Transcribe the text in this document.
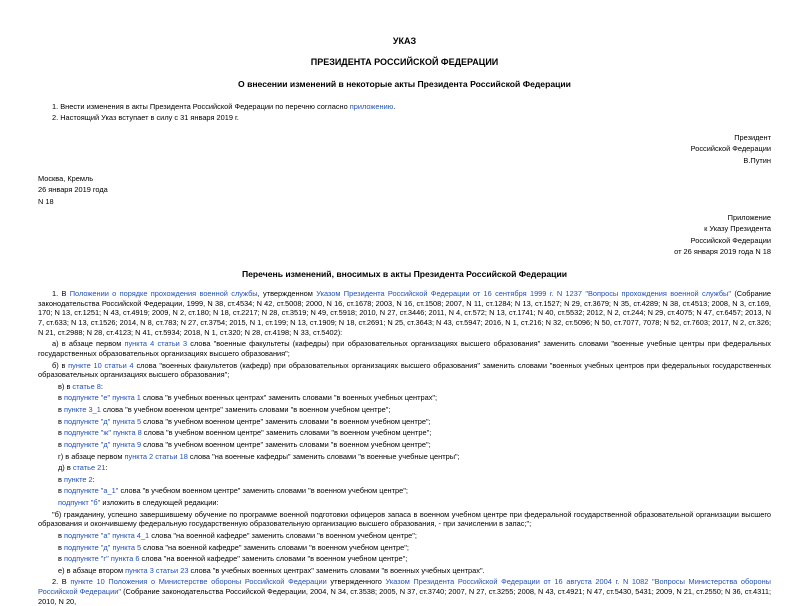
УКАЗ
ПРЕЗИДЕНТА РОССИЙСКОЙ ФЕДЕРАЦИИ
О внесении изменений в некоторые акты Президента Российской Федерации
1. Внести изменения в акты Президента Российской Федерации по перечню согласно приложению.
2. Настоящий Указ вступает в силу с 31 января 2019 г.
Президент
Российской Федерации
В.Путин
Москва, Кремль
26 января 2019 года
N 18
Приложение
к Указу Президента
Российской Федерации
от 26 января 2019 года N 18
Перечень изменений, вносимых в акты Президента Российской Федерации

1. В Положении о порядке прохождения военной службы, утвержденном Указом Президента Российской Федерации от 16 сентября 1999 г. N 1237 "Вопросы прохождения военной службы" (Собрание законодательства Российской Федерации, 1999, N 38, ст.4534; N 42, ст.5008; 2000, N 16, ст.1678; 2003, N 16, ст.1508; 2007, N 11, ст.1284; N 13, ст.1527; N 29, ст.3679; N 35, ст.4289; N 38, ст.4513; 2008, N 3, ст.169, 170; N 13, ст.1251; N 43, ст.4919; 2009, N 2, ст.180; N 18, ст.2217; N 28, ст.3519; N 49, ст.5918; 2010, N 27, ст.3446; 2011, N 4, ст.572; N 13, ст.1741; N 40, ст.5532; 2012, N 2, ст.244; N 29, ст.4075; N 47, ст.6457; 2013, N 7, ст.633; N 13, ст.1526; 2014, N 8, ст.783; N 27, ст.3754; 2015, N 1, ст.199; N 13, ст.1909; N 18, ст.2691; N 25, ст.3643; N 43, ст.5947; 2016, N 1, ст.216; N 32, ст.5096; N 50, ст.7077, 7078; N 52, ст.7603; 2017, N 2, ст.326; N 21, ст.2988; N 28, ст.4123; N 41, ст.5934; 2018, N 1, ст.320; N 28, ст.4198; N 33, ст.5402):

а) в абзаце первом пункта 4 статьи 3 слова "военные факультеты (кафедры) при образовательных организациях высшего образования" заменить словами "военные учебные центры при федеральных государственных образовательных организациях высшего образования";

б) в пункте 10 статьи 4 слова "военных факультетов (кафедр) при образовательных организациях высшего образования" заменить словами "военных учебных центров при федеральных государственных образовательных организациях высшего образования";

в) в статье 8:
в подпункте "е" пункта 1 слова "в учебных военных центрах" заменить словами "в военных учебных центрах";
в пункте 3_1 слова "в учебном военном центре" заменить словами "в военном учебном центре";
в подпункте "д" пункта 5 слова "в учебном военном центре" заменить словами "в военном учебном центре";
в подпункте "ж" пункта 8 слова "в учебном военном центре" заменить словами "в военном учебном центре";
в подпункте "д" пункта 9 слова "в учебном военном центре" заменить словами "в военном учебном центре";
г) в абзаце первом пункта 2 статьи 18 слова "на военные кафедры" заменить словами "в военные учебные центры";
д) в статье 21:
в пункте 2:
в подпункте "а_1" слова "в учебном военном центре" заменить словами "в военном учебном центре";
подпункт "б" изложить в следующей редакции:

"б) гражданину, успешно завершившему обучение по программе военной подготовки офицеров запаса в военном учебном центре при федеральной государственной образовательной организации высшего образования и окончившему федеральную государственную образовательную организацию высшего образования, - при зачислении в запас;";

в подпункте "а" пункта 4_1 слова "на военной кафедре" заменить словами "в военном учебном центре";
в подпункте "д" пункта 5 слова "на военной кафедре" заменить словами "в военном учебном центре";
в подпункте "г" пункта 6 слова "на военной кафедре" заменить словами "в военном учебном центре";
е) в абзаце втором пункта 3 статьи 23 слова "в учебных военных центрах" заменить словами "в военных учебных центрах".

2. В пункте 10 Положения о Министерстве обороны Российской Федерации утвержденного Указом Президента Российской Федерации от 16 августа 2004 г. N 1082 "Вопросы Министерства обороны Российской Федерации" (Собрание законодательства Российской Федерации, 2004, N 34, ст.3538; 2005, N 37, ст.3740; 2007, N 27, ст.3255; 2008, N 43, ст.4921; N 47, ст.5430, 5431; 2009, N 21, ст.2550; N 36, ст.4311; 2010, N 20,
